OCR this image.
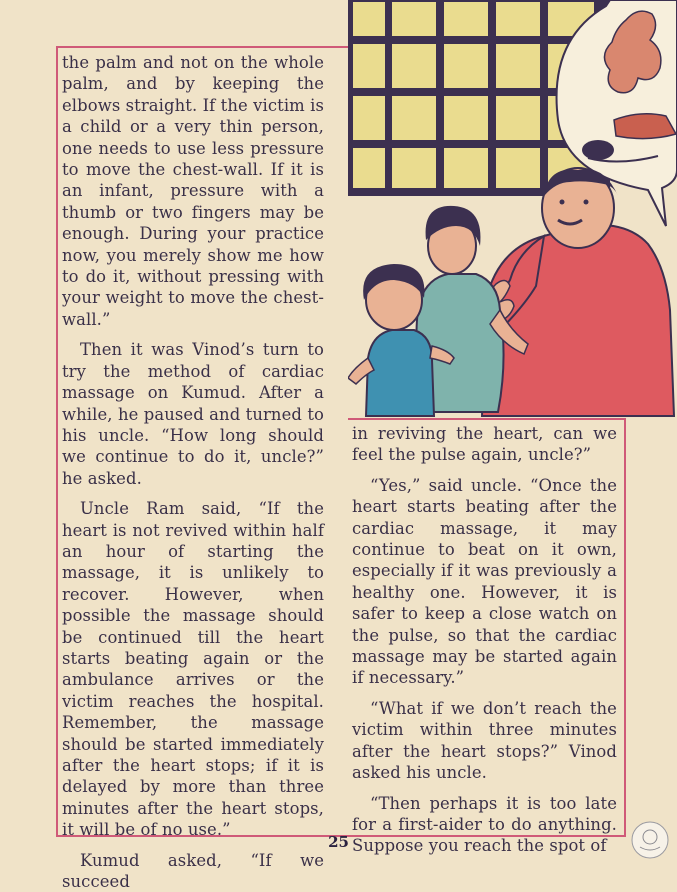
the palm and not on the whole palm, and by keeping the elbows straight. If the victim is a child or a very thin person, one needs to use less pressure to move the chest-wall. If it is an infant, pressure with a thumb or two fingers may be enough. During your practice now, you merely show me how to do it, without pressing with your weight to move the chest-wall.”

Then it was Vinod’s turn to try the method of cardiac massage on Kumud. After a while, he paused and turned to his uncle. “How long should we continue to do it, uncle?” he asked.

Uncle Ram said, “If the heart is not revived within half an hour of starting the massage, it is unlikely to recover. However, when possible the massage should be continued till the heart starts beating again or the ambulance arrives or the victim reaches the hospital. Remember, the massage should be started immediately after the heart stops; if it is delayed by more than three minutes after the heart stops, it will be of no use.”

Kumud asked, “If we succeed

in reviving the heart, can we feel the pulse again, uncle?”

“Yes,” said uncle. “Once the heart starts beating after the cardiac massage, it may continue to beat on it own, especially if it was previously a healthy one. However, it is safer to keep a close watch on the pulse, so that the cardiac massage may be started again if necessary.”

“What if we don’t reach the victim within three minutes after the heart stops?” Vinod asked his uncle.

“Then perhaps it is too late for a first-aider to do anything. Suppose you reach the spot of

25
